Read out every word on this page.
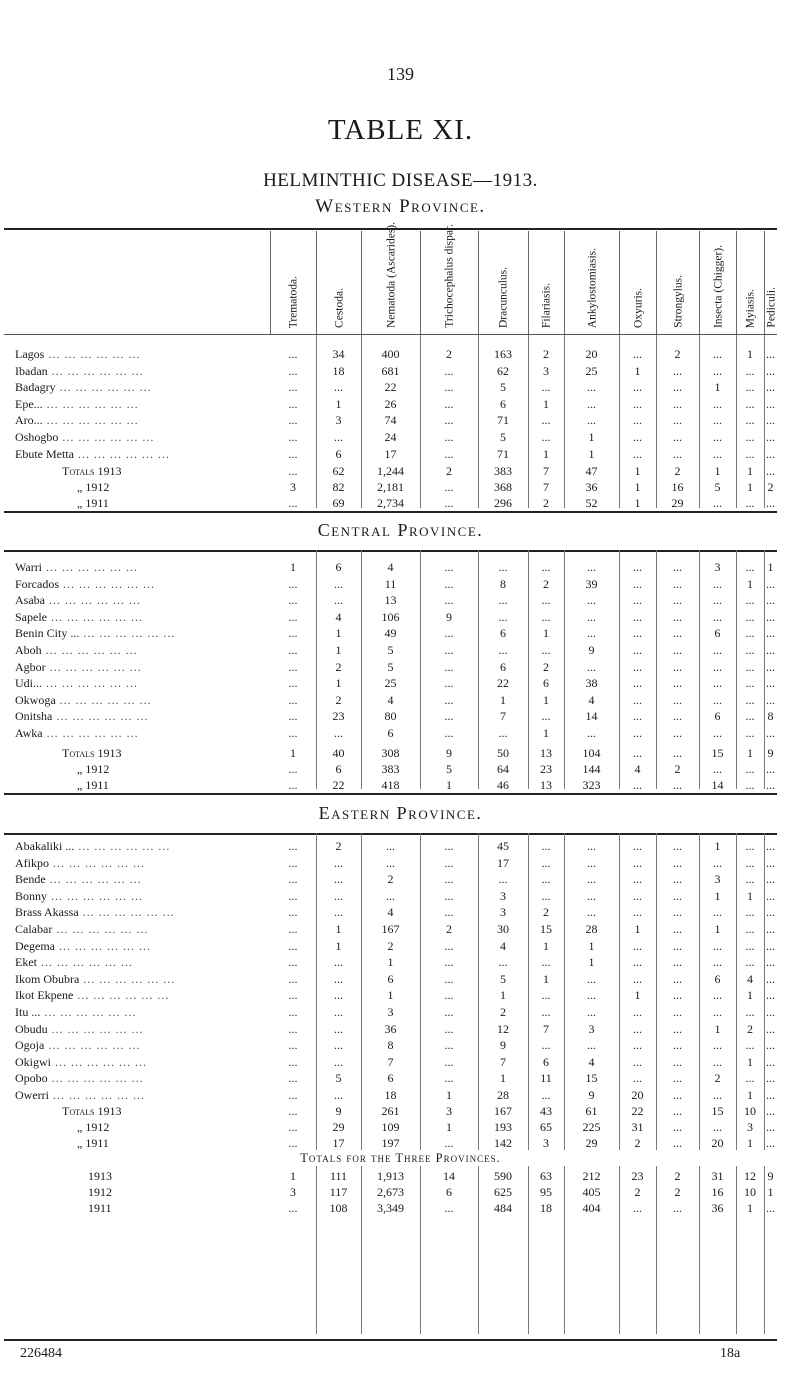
139
TABLE XI.
HELMINTHIC DISEASE—1913.
Trematoda.	Cestoda.	Nematoda (Ascarides).	Trichocephalus dispar.	Dracunculus.	Filariasis.	Ankylostomiasis.	Oxyuris. Strongylus. Insecta (Chigger). Myiasis. Pediculi.
Western Province.
Lagos ... ... ... ... ... ...	...	34	400	2	163	2	20	...	2	...	1	...
Ibadan ... ... ... ... ... ...	...	18	681	...	62	3	25	1	...	...	... ...
Badagry ... ... ... ... ... ...	...	...	22	...	5	...	...	...	...	1	... ...
Epe... ... ... ... ... ... ...	...	1	26	...	6	1	...	...	...	...	... ...
Aro... ... ... ... ... ... ...	...	3	74	...	71	...	...	...	...	...	... ...
Oshogbo ... ... ... ... ... ...	...	...	24	...	5	...	1	...	...	...	... ...
Ebute Metta ... ... ... ... ... ...	...	6	17	...	71	1	1	...	...	...	... ...
Totals 1913	...	62	1,244	2	383	7	47	1	2	1	1	...
„ 1912	3	82	2,181	...	368	7	36	1	16	5	1	2
„ 1911	...	69	2,734	...	296	2	52	1	29	...	... ...
Central Province.
Warri ... ... ... ... ... ...	1	6	4	...	...	...	...	...	...	3	...	1
Forcados ... ... ... ... ... ...	...	...	11	...	8	2	39	...	...	...	1	...
Asaba ... ... ... ... ... ...	...	...	13	...	...	...	...	...	...	...	... ...
Sapele ... ... ... ... ... ...	...	4	106	9	...	...	...	...	...	...	... ...
Benin City ... ... ... ... ... ... ...	...	1	49	...	6	1	...	...	...	6	... ...
Aboh ... ... ... ... ... ...	...	1	5	...	...	...	9	...	...	...	... ...
Agbor ... ... ... ... ... ...	...	2	5	...	6	2	...	...	...	...	... ...
Udi... ... ... ... ... ... ...	...	1	25	...	22	6	38	...	...	...	... ...
Okwoga ... ... ... ... ... ...	...	2	4	...	1	1	4	...	...	...	... ...
Onitsha ... ... ... ... ... ...	...	23	80	...	7	...	14	...	...	6	...	8
Awka ... ... ... ... ... ...	...	...	6	...	...	1	...	...	...	...	... ...
Totals 1913	1	40	308	9	50	13	104	...	...	15	1	9
„ 1912	...	6	383	5	64	23	144	4	2	...	... ...
„ 1911	...	22	418	1	46	13	323	...	...	14	... ...
Eastern Province.
Abakaliki ... ... ... ... ... ... ...	...	2	...	...	45	...	...	...	...	1	... ...
Afikpo ... ... ... ... ... ...	...	...	...	...	17	...	...	...	...	...	... ...
Bende ... ... ... ... ... ...	...	...	2	...	...	...	...	...	...	3	... ...
Bonny ... ... ... ... ... ...	...	...	...	...	3	...	...	...	...	1	1	...
Brass Akassa ... ... ... ... ... ...	...	...	4	...	3	2	...	...	...	...	... ...
Calabar ... ... ... ... ... ...	...	1	167	2	30	15	28	1	...	1	... ...
Degema ... ... ... ... ... ...	...	1	2	...	4	1	1	...	...	...	... ...
Eket ... ... ... ... ... ...	...	...	1	...	...	...	1	...	...	...	... ...
Ikom Obubra ... ... ... ... ... ...	...	...	6	...	5	1	...	...	...	6	4	...
Ikot Ekpene ... ... ... ... ... ...	...	...	1	...	1	...	...	1	...	...	1	...
Itu ... ... ... ... ... ... ...	...	...	3	...	2	...	...	...	...	...	... ...
Obudu ... ... ... ... ... ...	...	...	36	...	12	7	3	...	...	1	2	...
Ogoja ... ... ... ... ... ...	...	...	8	...	9	...	...	...	...	...	... ...
Okigwi ... ... ... ... ... ...	...	...	7	...	7	6	4	...	...	...	1	...
Opobo ... ... ... ... ... ...	...	5	6	...	1	11	15	...	...	2	... ...
Owerri ... ... ... ... ... ...	...	...	18	1	28	...	9	20	...	...	1	...
Totals 1913	...	9	261	3	167	43	61	22	...	15	10 ...
„ 1912	...	29	109	1	193	65	225	31	...	...	3	...
„ 1911	...	17	197	...	142	3	29	2	...	20	1	...
Totals for the Three Provinces.
1913	1	111	1,913	14	590	63	212	23	2	31	12 9
1912	3	117	2,673	6	625	95	405	2	2	16	10 1
1911	...	108	3,349	...	484	18	404	...	...	36	1	...
226484	18a
